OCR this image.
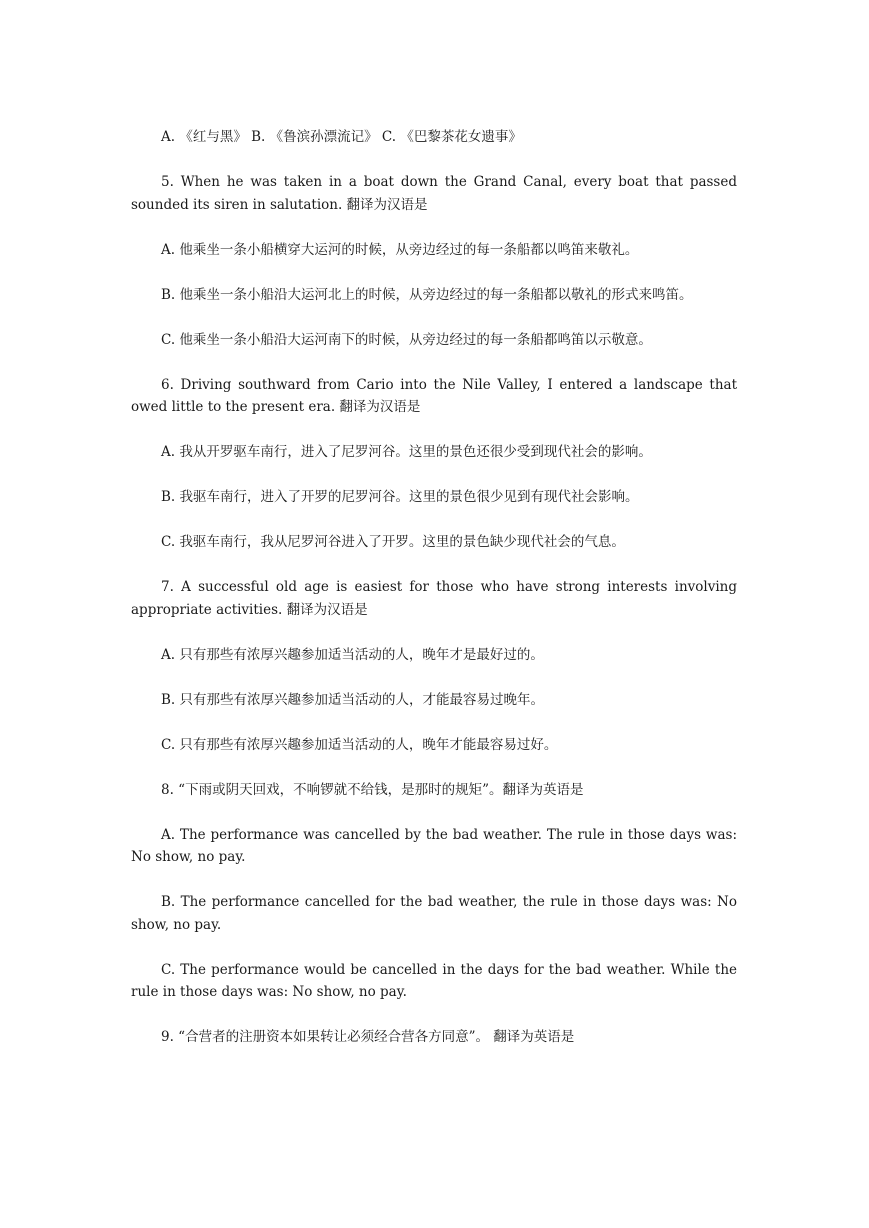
A. 《红与黑》 B. 《鲁滨孙漂流记》 C. 《巴黎茶花女遗事》

5. When he was taken in a boat down the Grand Canal, every boat that passed sounded its siren in salutation. 翻译为汉语是

A. 他乘坐一条小船横穿大运河的时候，从旁边经过的每一条船都以鸣笛来敬礼。

B. 他乘坐一条小船沿大运河北上的时候，从旁边经过的每一条船都以敬礼的形式来鸣笛。

C. 他乘坐一条小船沿大运河南下的时候，从旁边经过的每一条船都鸣笛以示敬意。

6. Driving southward from Cario into the Nile Valley, I entered a landscape that owed little to the present era. 翻译为汉语是

A. 我从开罗驱车南行，进入了尼罗河谷。这里的景色还很少受到现代社会的影响。

B. 我驱车南行，进入了开罗的尼罗河谷。这里的景色很少见到有现代社会影响。

C. 我驱车南行，我从尼罗河谷进入了开罗。这里的景色缺少现代社会的气息。

7. A successful old age is easiest for those who have strong interests involving appropriate activities. 翻译为汉语是

A. 只有那些有浓厚兴趣参加适当活动的人，晚年才是最好过的。

B. 只有那些有浓厚兴趣参加适当活动的人，才能最容易过晚年。

C. 只有那些有浓厚兴趣参加适当活动的人，晚年才能最容易过好。

8. “下雨或阴天回戏，不响锣就不给钱，是那时的规矩”。翻译为英语是

A. The performance was cancelled by the bad weather. The rule in those days was: No show, no pay.

B. The performance cancelled for the bad weather, the rule in those days was: No show, no pay.

C. The performance would be cancelled in the days for the bad weather. While the rule in those days was: No show, no pay.

9. “合营者的注册资本如果转让必须经合营各方同意”。 翻译为英语是
